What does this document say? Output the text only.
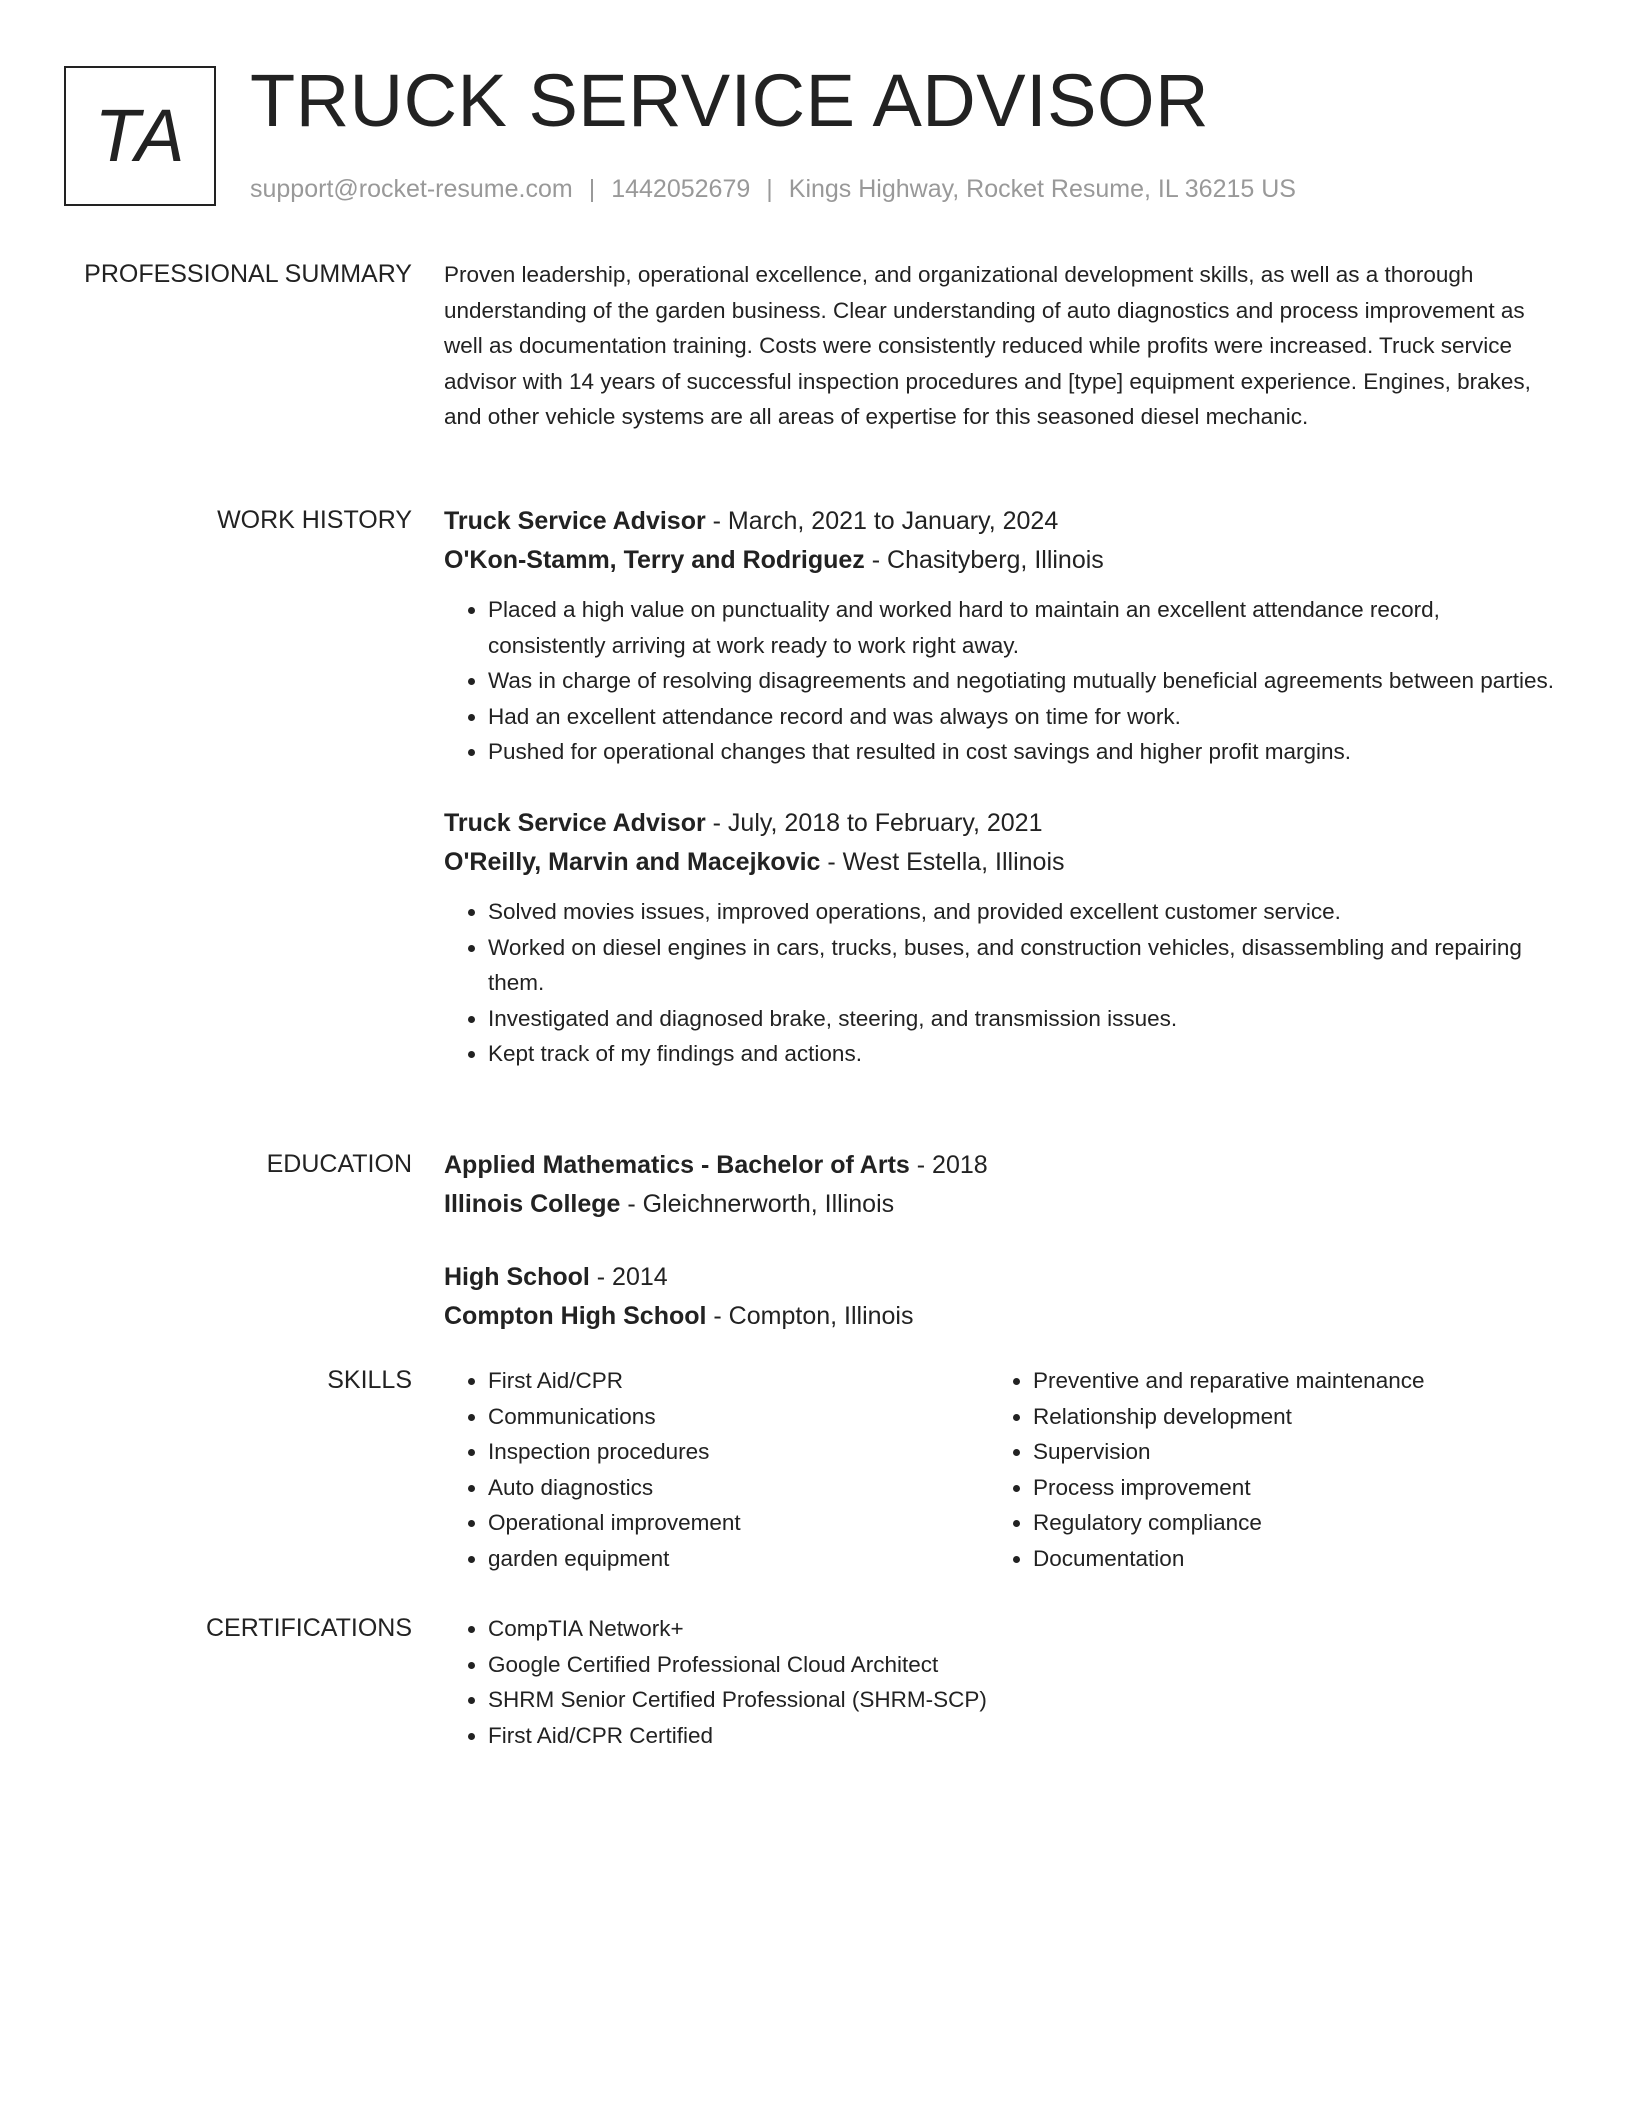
TA TRUCK SERVICE ADVISOR
support@rocket-resume.com | 1442052679 | Kings Highway, Rocket Resume, IL 36215 US
PROFESSIONAL SUMMARY Proven leadership, operational excellence, and organizational development skills, as well as a thorough understanding of the garden business. Clear understanding of auto diagnostics and process improvement as well as documentation training. Costs were consistently reduced while profits were increased. Truck service advisor with 14 years of successful inspection procedures and [type] equipment experience. Engines, brakes, and other vehicle systems are all areas of expertise for this seasoned diesel mechanic.

WORK HISTORY Truck Service Advisor - March, 2021 to January, 2024
O'Kon-Stamm, Terry and Rodriguez - Chasityberg, Illinois
• Placed a high value on punctuality and worked hard to maintain an excellent attendance record, consistently arriving at work ready to work right away.
• Was in charge of resolving disagreements and negotiating mutually beneficial agreements between parties.
• Had an excellent attendance record and was always on time for work.
• Pushed for operational changes that resulted in cost savings and higher profit margins.
Truck Service Advisor - July, 2018 to February, 2021
O'Reilly, Marvin and Macejkovic - West Estella, Illinois
• Solved movies issues, improved operations, and provided excellent customer service.
• Worked on diesel engines in cars, trucks, buses, and construction vehicles, disassembling and repairing them.
• Investigated and diagnosed brake, steering, and transmission issues.
• Kept track of my findings and actions.
EDUCATION Applied Mathematics - Bachelor of Arts - 2018
Illinois College - Gleichnerworth, Illinois
High School - 2014
Compton High School - Compton, Illinois
SKILLS	• First Aid/CPR
• Communications
• Inspection procedures
• Auto diagnostics
• Operational improvement
• garden equipment
• Preventive and reparative maintenance
• Relationship development
• Supervision
• Process improvement
• Regulatory compliance
• Documentation
CERTIFICATIONS	• CompTIA Network+
• Google Certified Professional Cloud Architect
• SHRM Senior Certified Professional (SHRM-SCP)
• First Aid/CPR Certified
